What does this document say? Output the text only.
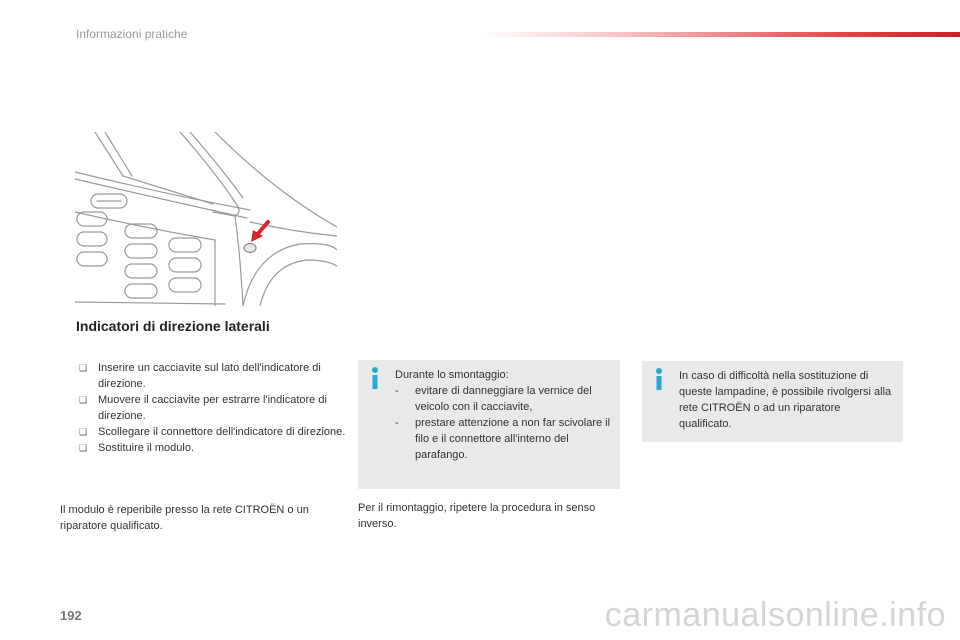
Informazioni pratiche
Indicatori di direzione laterali
❑ Inserire un cacciavite sul lato dell'indicatore di direzione.
❑ Muovere il cacciavite per estrarre l'indicatore di direzione.
❑ Scollegare il connettore dell'indicatore di direzione.
❑ Sostituire il modulo.

Il modulo è reperibile presso la rete CITROËN o un riparatore qualificato.

Durante lo smontaggio:

- evitare di danneggiare la vernice del veicolo con il cacciavite,
- prestare attenzione a non far scivolare il filo e il connettore all'interno del parafango.

Per il rimontaggio, ripetere la procedura in senso inverso.

In caso di difficoltà nella sostituzione di queste lampadine, è possibile rivolgersi alla rete CITROËN o ad un riparatore qualificato.

192	carmanualsonline.info
